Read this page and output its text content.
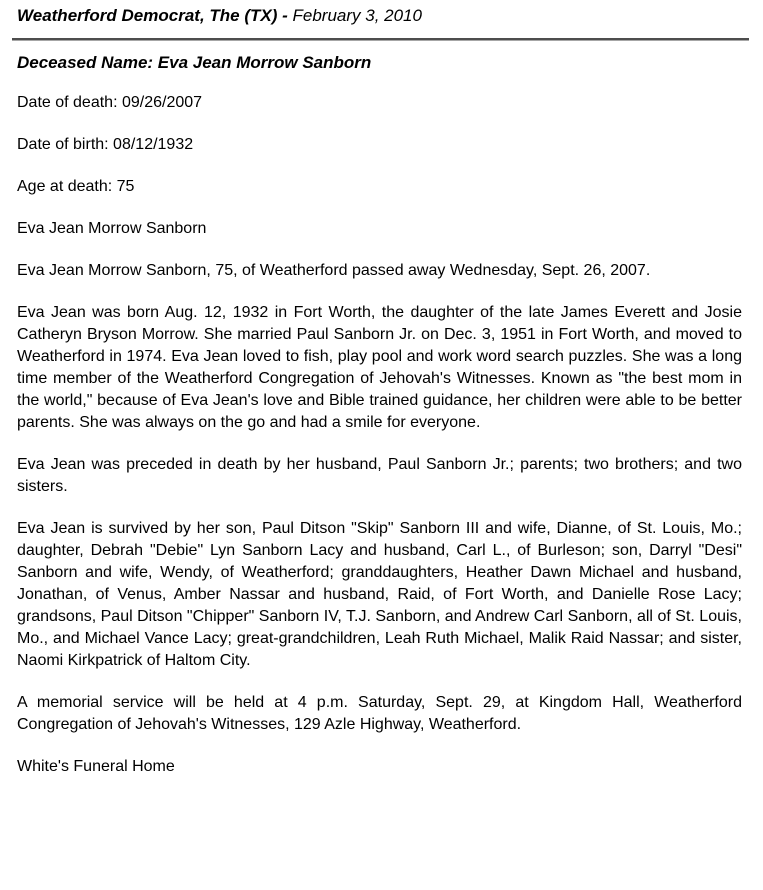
Weatherford Democrat, The (TX) - February 3, 2010
Deceased Name: Eva Jean Morrow Sanborn
Date of death: 09/26/2007
Date of birth: 08/12/1932
Age at death: 75
Eva Jean Morrow Sanborn
Eva Jean Morrow Sanborn, 75, of Weatherford passed away Wednesday, Sept. 26, 2007.
Eva Jean was born Aug. 12, 1932 in Fort Worth, the daughter of the late James Everett and Josie Catheryn Bryson Morrow. She married Paul Sanborn Jr. on Dec. 3, 1951 in Fort Worth, and moved to Weatherford in 1974. Eva Jean loved to fish, play pool and work word search puzzles. She was a long time member of the Weatherford Congregation of Jehovah's Witnesses. Known as "the best mom in the world," because of Eva Jean's love and Bible trained guidance, her children were able to be better parents. She was always on the go and had a smile for everyone.
Eva Jean was preceded in death by her husband, Paul Sanborn Jr.; parents; two brothers; and two sisters.
Eva Jean is survived by her son, Paul Ditson "Skip" Sanborn III and wife, Dianne, of St. Louis, Mo.; daughter, Debrah "Debie" Lyn Sanborn Lacy and husband, Carl L., of Burleson; son, Darryl "Desi" Sanborn and wife, Wendy, of Weatherford; granddaughters, Heather Dawn Michael and husband, Jonathan, of Venus, Amber Nassar and husband, Raid, of Fort Worth, and Danielle Rose Lacy; grandsons, Paul Ditson "Chipper" Sanborn IV, T.J. Sanborn, and Andrew Carl Sanborn, all of St. Louis, Mo., and Michael Vance Lacy; great-grandchildren, Leah Ruth Michael, Malik Raid Nassar; and sister, Naomi Kirkpatrick of Haltom City.
A memorial service will be held at 4 p.m. Saturday, Sept. 29, at Kingdom Hall, Weatherford Congregation of Jehovah's Witnesses, 129 Azle Highway, Weatherford.
White's Funeral Home
